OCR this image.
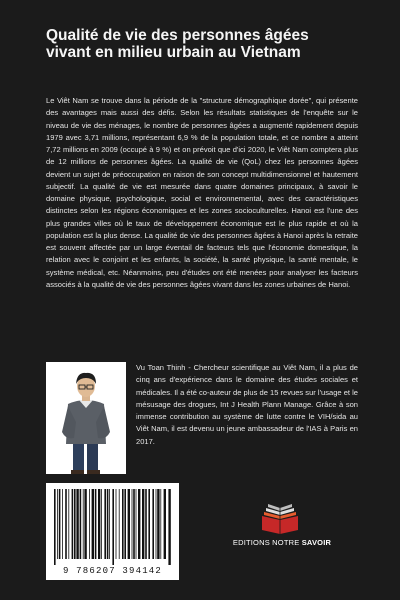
Qualité de vie des personnes âgées vivant en milieu urbain au Vietnam

Le Viêt Nam se trouve dans la période de la "structure démographique dorée", qui présente des avantages mais aussi des défis. Selon les résultats statistiques de l'enquête sur le niveau de vie des ménages, le nombre de personnes âgées a augmenté rapidement depuis 1979 avec 3,71 millions, représentant 6,9 % de la population totale, et ce nombre a atteint 7,72 millions en 2009 (occupé à 9 %) et on prévoit que d'ici 2020, le Viêt Nam comptera plus de 12 millions de personnes âgées. La qualité de vie (QoL) chez les personnes âgées devient un sujet de préoccupation en raison de son concept multidimensionnel et hautement subjectif. La qualité de vie est mesurée dans quatre domaines principaux, à savoir le domaine physique, psychologique, social et environnemental, avec des caractéristiques distinctes selon les régions économiques et les zones socioculturelles. Hanoi est l'une des plus grandes villes où le taux de développement économique est le plus rapide et où la population est la plus dense. La qualité de vie des personnes âgées à Hanoi après la retraite est souvent affectée par un large éventail de facteurs tels que l'économie domestique, la relation avec le conjoint et les enfants, la société, la santé physique, la santé mentale, le système médical, etc. Néanmoins, peu d'études ont été menées pour analyser les facteurs associés à la qualité de vie des personnes âgées vivant dans les zones urbaines de Hanoi.

Vu Toan Thinh - Chercheur scientifique au Viêt Nam, il a plus de cinq ans d'expérience dans le domaine des études sociales et médicales. Il a été co-auteur de plus de 15 revues sur l'usage et le mésusage des drogues, Int J Health Plann Manage. Grâce à son immense contribution au système de lutte contre le VIH/sida au Viêt Nam, il est devenu un jeune ambassadeur de l'IAS à Paris en 2017.

9 786207 394142
EDITIONS NOTRE SAVOIR
